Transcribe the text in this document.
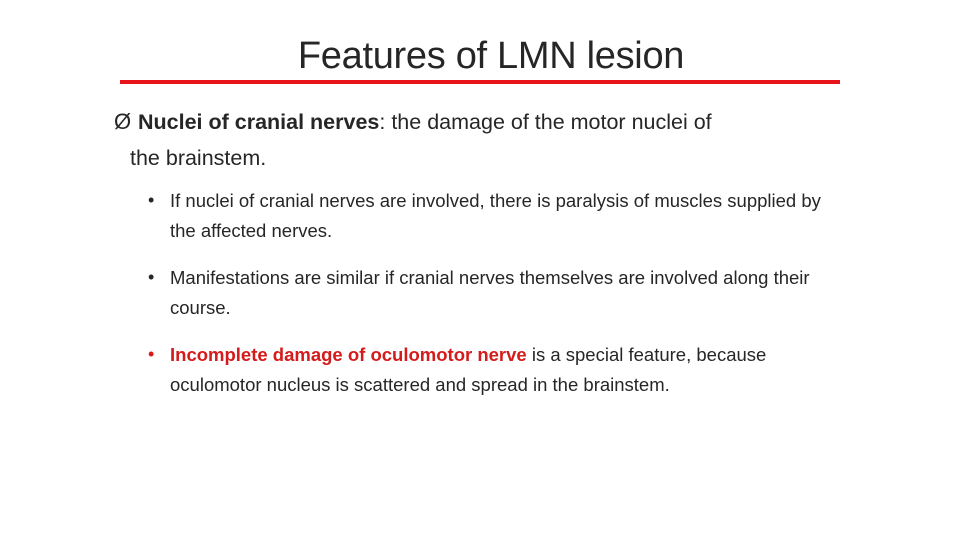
Features of LMN lesion
Ø Nuclei of cranial nerves: the damage of the motor nuclei of
the brainstem.
• If nuclei of cranial nerves are involved, there is paralysis of muscles supplied by the affected nerves.
• Manifestations are similar if cranial nerves themselves are involved along their course.
• Incomplete damage of oculomotor nerve is a special feature, because oculomotor nucleus is scattered and spread in the brainstem.
